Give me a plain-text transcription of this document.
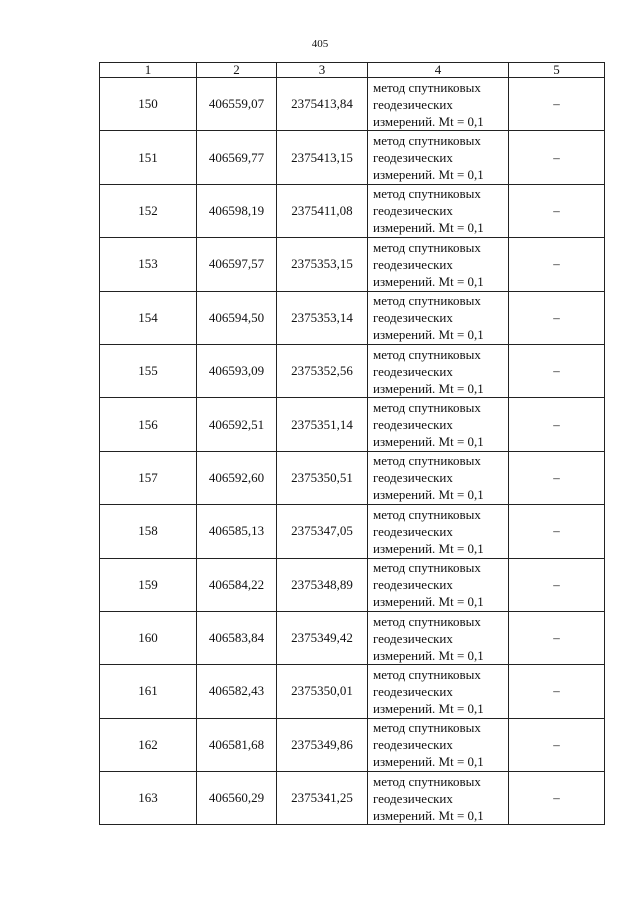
405
1	2	3	4	5
150	406559,07	2375413,84	метод спутниковых
геодезических
измерений. Mt = 0,1	–
151	406569,77	2375413,15	метод спутниковых
геодезических
измерений. Mt = 0,1	–
152	406598,19	2375411,08	метод спутниковых
геодезических
измерений. Mt = 0,1	–
153	406597,57	2375353,15	метод спутниковых
геодезических
измерений. Mt = 0,1	–
154	406594,50	2375353,14	метод спутниковых
геодезических
измерений. Mt = 0,1	–
155	406593,09	2375352,56	метод спутниковых
геодезических
измерений. Mt = 0,1	–
156	406592,51	2375351,14	метод спутниковых
геодезических
измерений. Mt = 0,1	–
157	406592,60	2375350,51	метод спутниковых
геодезических
измерений. Mt = 0,1	–
158	406585,13	2375347,05	метод спутниковых
геодезических
измерений. Mt = 0,1	–
159	406584,22	2375348,89	метод спутниковых
геодезических
измерений. Mt = 0,1	–
160	406583,84	2375349,42	метод спутниковых
геодезических
измерений. Mt = 0,1	–
161	406582,43	2375350,01	метод спутниковых
геодезических
измерений. Mt = 0,1	–
162	406581,68	2375349,86	метод спутниковых
геодезических
измерений. Mt = 0,1	–
163	406560,29	2375341,25	метод спутниковых
геодезических
измерений. Mt = 0,1	–
